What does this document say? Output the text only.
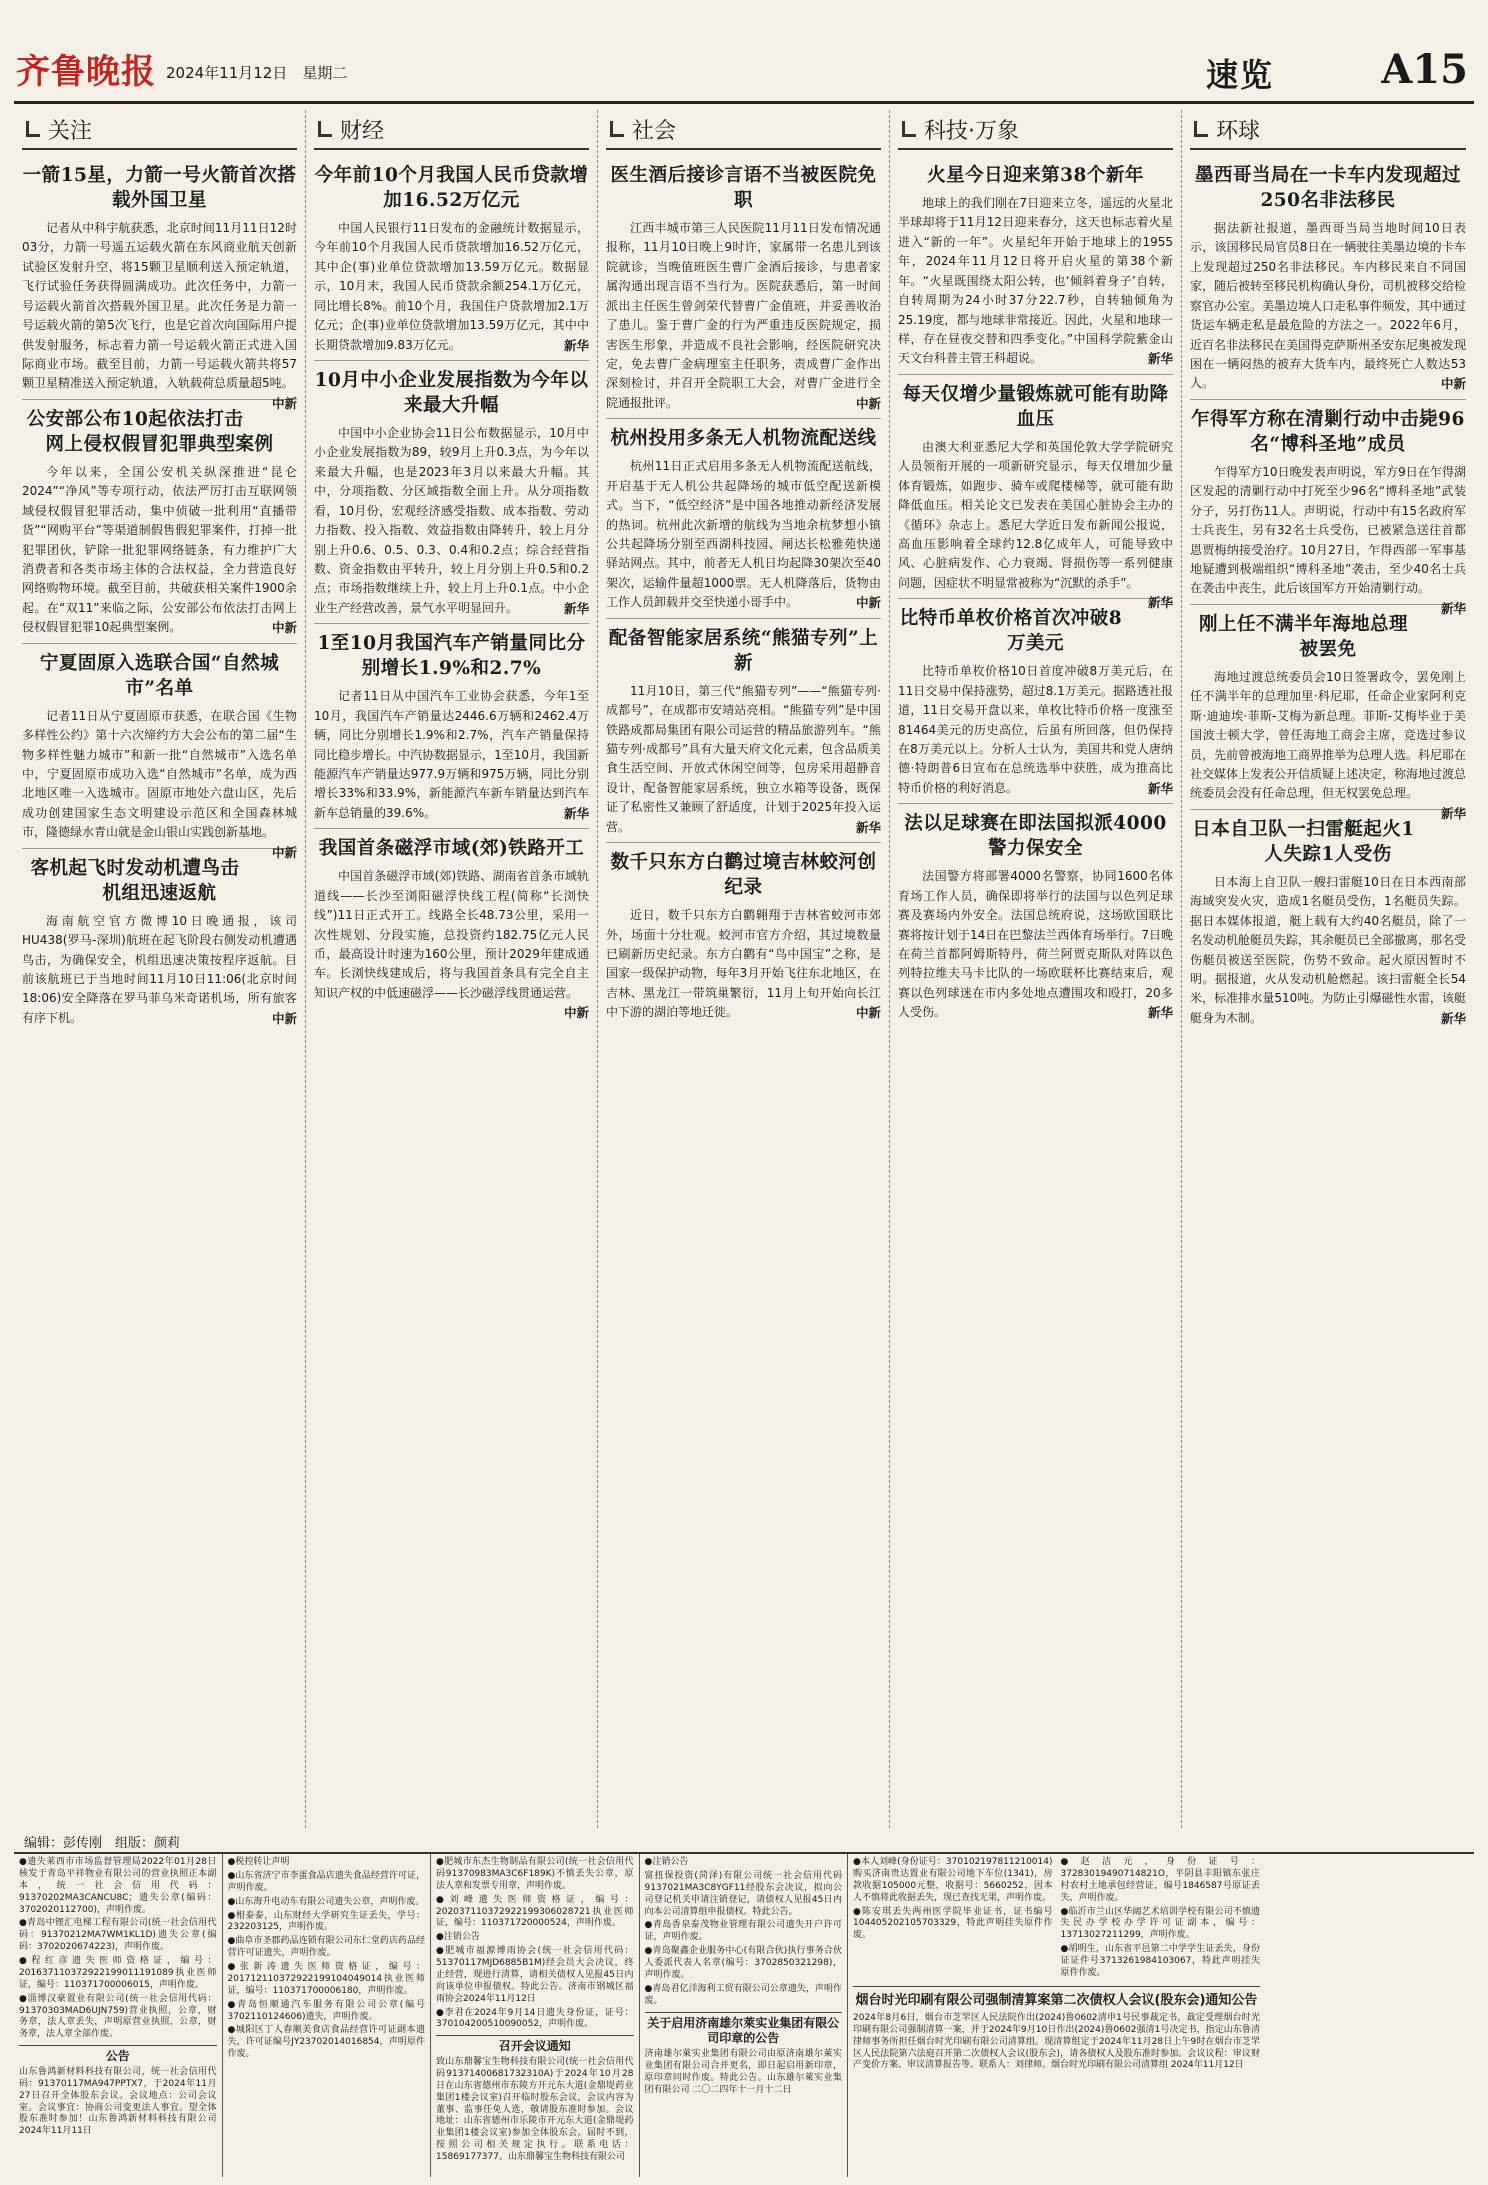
齐鲁晚报 2024年11月12日　 星期二	速览	A15
关注
一箭15星，力箭一号火箭首次搭载外国卫星

记者从中科宇航获悉，北京时间11月11日12时03分，力箭一号遥五运载火箭在东风商业航天创新试验区发射升空，将15颗卫星顺利送入预定轨道，飞行试验任务获得圆满成功。此次任务中，力箭一号运载火箭首次搭载外国卫星。此次任务是力箭一号运载火箭的第5次飞行，也是它首次向国际用户提供发射服务，标志着力箭一号运载火箭正式进入国际商业市场。截至目前，力箭一号运载火箭共将57颗卫星精准送入预定轨道，入轨载荷总质量超5吨。
中新

公安部公布10起依法打击网上侵权假冒犯罪典型案例

今年以来，全国公安机关纵深推进“昆仑2024”“净风”等专项行动，依法严厉打击互联网领域侵权假冒犯罪活动，集中侦破一批利用“直播带货”“网购平台”等渠道制假售假犯罪案件，打掉一批犯罪团伙，铲除一批犯罪网络链条，有力维护广大消费者和各类市场主体的合法权益，全力营造良好网络购物环境。截至目前，共破获相关案件1900余起。在“双11”来临之际，公安部公布依法打击网上侵权假冒犯罪10起典型案例。	中新

宁夏固原入选联合国“自然城市”名单

记者11日从宁夏固原市获悉，在联合国《生物多样性公约》第十六次缔约方大会公布的第二届“生物多样性魅力城市”和新一批“自然城市”入选名单中，宁夏固原市成功入选“自然城市”名单，成为西北地区唯一入选城市。固原市地处六盘山区，先后成功创建国家生态文明建设示范区和全国森林城市，隆德绿水青山就是金山银山实践创新基地。
中新

客机起飞时发动机遭鸟击机组迅速返航

海南航空官方微博10日晚通报，该司HU438(罗马-深圳)航班在起飞阶段右侧发动机遭遇鸟击，为确保安全，机组迅速决策按程序返航。目前该航班已于当地时间11月10日11:06(北京时间18:06)安全降落在罗马菲乌米奇诺机场，所有旅客有序下机。	中新

财经
今年前10个月我国人民币贷款增加16.52万亿元

中国人民银行11日发布的金融统计数据显示，今年前10个月我国人民币贷款增加16.52万亿元，其中企(事)业单位贷款增加13.59万亿元。数据显示，10月末，我国人民币贷款余额254.1万亿元，同比增长8%。前10个月，我国住户贷款增加2.1万亿元；企(事)业单位贷款增加13.59万亿元，其中中长期贷款增加9.83万亿元。	新华

10月中小企业发展指数为今年以来最大升幅

中国中小企业协会11日公布数据显示，10月中小企业发展指数为89，较9月上升0.3点，为今年以来最大升幅，也是2023年3月以来最大升幅。其中，分项指数、分区域指数全面上升。从分项指数看，10月份，宏观经济感受指数、成本指数、劳动力指数、投入指数、效益指数由降转升，较上月分别上升0.6、0.5、0.3、0.4和0.2点；综合经营指数、资金指数由平转升，较上月分别上升0.5和0.2点；市场指数继续上升，较上月上升0.1点。中小企业生产经营改善，景气水平明显回升。	新华

1至10月我国汽车产销量同比分别增长1.9%和2.7%

记者11日从中国汽车工业协会获悉，今年1至10月，我国汽车产销量达2446.6万辆和2462.4万辆，同比分别增长1.9%和2.7%，汽车产销量保持同比稳步增长。中汽协数据显示，1至10月，我国新能源汽车产销量达977.9万辆和975万辆，同比分别增长33%和33.9%，新能源汽车新车销量达到汽车新车总销量的39.6%。	新华

我国首条磁浮市域(郊)铁路开工

中国首条磁浮市域(郊)铁路、湖南省首条市域轨道线——长沙至浏阳磁浮快线工程(简称“长浏快线”)11日正式开工。线路全长48.73公里，采用一次性规划、分段实施，总投资约182.75亿元人民币，最高设计时速为160公里，预计2029年建成通车。长浏快线建成后，将与我国首条具有完全自主知识产权的中低速磁浮——长沙磁浮线贯通运营。
中新

社会
医生酒后接诊言语不当被医院免职

江西丰城市第三人民医院11月11日发布情况通报称，11月10日晚上9时许，家属带一名患儿到该院就诊，当晚值班医生曹广金酒后接诊，与患者家属沟通出现言语不当行为。医院获悉后，第一时间派出主任医生曾剑荣代替曹广金值班，并妥善收治了患儿。鉴于曹广金的行为严重违反医院规定，损害医生形象，并造成不良社会影响，经医院研究决定，免去曹广金病理室主任职务，责成曹广金作出深刻检讨，并召开全院职工大会，对曹广金进行全院通报批评。	中新

杭州投用多条无人机物流配送线

杭州11日正式启用多条无人机物流配送航线，开启基于无人机公共起降场的城市低空配送新模式。当下，“低空经济”是中国各地推动新经济发展的热词。杭州此次新增的航线为当地余杭梦想小镇公共起降场分别至西湖科技园、闸达长松雅苑快递驿站网点。其中，前者无人机日均起降30架次至40架次，运输件量超1000票。无人机降落后，货物由工作人员卸载并交至快递小哥手中。	中新

配备智能家居系统“熊猫专列”上新

11月10日，第三代“熊猫专列”——“熊猫专列·成都号”，在成都市安靖站亮相。“熊猫专列”是中国铁路成都局集团有限公司运营的精品旅游列车。“熊猫专列·成都号”具有大量天府文化元素，包含品质美食生活空间、开放式休闲空间等，包房采用超静音设计，配备智能家居系统，独立水箱等设备，既保证了私密性又兼顾了舒适度，计划于2025年投入运营。	新华

数千只东方白鹳过境吉林蛟河创纪录

近日，数千只东方白鹳翱翔于吉林省蛟河市郊外，场面十分壮观。蛟河市官方介绍，其过境数量已刷新历史纪录。东方白鹳有“鸟中国宝”之称，是国家一级保护动物，每年3月开始飞往东北地区，在吉林、黑龙江一带筑巢繁衍，11月上旬开始向长江中下游的湖泊等地迁徙。	中新

科技·万象
火星今日迎来第38个新年

地球上的我们刚在7日迎来立冬，遥远的火星北半球却将于11月12日迎来春分，这天也标志着火星进入“新的一年”。火星纪年开始于地球上的1955年，2024年11月12日将开启火星的第38个新年。“火星既围绕太阳公转，也‘倾斜着身子’自转，自转周期为24小时37分22.7秒，自转轴倾角为25.19度，都与地球非常接近。因此，火星和地球一样，存在昼夜交替和四季变化。”中国科学院紫金山天文台科普主管王科超说。	新华

每天仅增少量锻炼就可能有助降血压

由澳大利亚悉尼大学和英国伦敦大学学院研究人员领衔开展的一项新研究显示，每天仅增加少量体育锻炼，如跑步、骑车或爬楼梯等，就可能有助降低血压。相关论文已发表在美国心脏协会主办的《循环》杂志上。悉尼大学近日发布新闻公报说，高血压影响着全球约12.8亿成年人，可能导致中风、心脏病发作、心力衰竭、肾损伤等一系列健康问题，因症状不明显常被称为“沉默的杀手”。
新华

比特币单枚价格首次冲破8万美元

比特币单枚价格10日首度冲破8万美元后，在11日交易中保持涨势，超过8.1万美元。据路透社报道，11日交易开盘以来，单枚比特币价格一度涨至81464美元的历史高位，后虽有所回落，但仍保持在8万美元以上。分析人士认为，美国共和党人唐纳德·特朗普6日宣布在总统选举中获胜，成为推高比特币价格的利好消息。	新华

法以足球赛在即法国拟派4000警力保安全

法国警方将部署4000名警察，协同1600名体育场工作人员，确保即将举行的法国与以色列足球赛及赛场内外安全。法国总统府说，这场欧国联比赛将按计划于14日在巴黎法兰西体育场举行。7日晚在荷兰首都阿姆斯特丹，荷兰阿贾克斯队对阵以色列特拉维夫马卡比队的一场欧联杯比赛结束后，观赛以色列球迷在市内多处地点遭围攻和殴打，20多人受伤。	新华

环球
墨西哥当局在一卡车内发现超过250名非法移民

据法新社报道，墨西哥当局当地时间10日表示，该国移民局官员8日在一辆驶往美墨边境的卡车上发现超过250名非法移民。车内移民来自不同国家，随后被转至移民机构确认身份，司机被移交给检察官办公室。美墨边境人口走私事件频发，其中通过货运车辆走私是最危险的方法之一。2022年6月，近百名非法移民在美国得克萨斯州圣安东尼奥被发现困在一辆闷热的被弃大货车内，最终死亡人数达53人。	中新

乍得军方称在清剿行动中击毙96名“博科圣地”成员

乍得军方10日晚发表声明说，军方9日在乍得湖区发起的清剿行动中打死至少96名“博科圣地”武装分子，另打伤11人。声明说，行动中有15名政府军士兵丧生，另有32名士兵受伤，已被紧急送往首都恩贾梅纳接受治疗。10月27日，乍得西部一军事基地疑遭到极端组织“博科圣地”袭击，至少40名士兵在袭击中丧生，此后该国军方开始清剿行动。
新华

刚上任不满半年海地总理被罢免

海地过渡总统委员会10日签署政令，罢免刚上任不满半年的总理加里·科尼耶，任命企业家阿利克斯·迪迪埃·菲斯-艾梅为新总理。菲斯-艾梅毕业于美国波士顿大学，曾任海地工商会主席，竞选过参议员，先前曾被海地工商界推举为总理人选。科尼耶在社交媒体上发表公开信质疑上述决定，称海地过渡总统委员会没有任命总理，但无权罢免总理。
新华

日本自卫队一扫雷艇起火1人失踪1人受伤

日本海上自卫队一艘扫雷艇10日在日本西南部海域突发火灾，造成1名艇员受伤，1名艇员失踪。据日本媒体报道，艇上载有大约40名艇员，除了一名发动机舱艇员失踪，其余艇员已全部撤离，那名受伤艇员被送至医院，伤势不致命。起火原因暂时不明。据报道，火从发动机舱燃起。该扫雷艇全长54米，标准排水量510吨。为防止引爆磁性水雷，该艇艇身为木制。	新华

编辑：彭传刚　组版：颜莉

●遗失莱西市市场监督管理局2022年01月28日核发于青岛平祥物业有限公司的营业执照正本副本，统一社会信用代码：91370202MA3CANCU8C；遗失公章(编码：3702020112700)，声明作废。

●青岛中锂汇电梯工程有限公司(统一社会信用代码：91370212MA7WM1KL1D)遗失公章(编码：3702020674223)，声明作废。

●程红彦遗失医师资格证，编号：201637110372922199011191089执业医师证，编号：110371700006015，声明作废。

●淄博汉豪置业有限公司(统一社会信用代码：91370303MAD6UJN759)营业执照，公章，财务章，法人章丢失，声明原营业执照，公章，财务章，法人章全部作废。

公告

山东鲁鸿新材料科技有限公司，统一社会信用代码：91370117MA947PPTX7，于2024年11月27日召开全体股东会议。会议地点：公司会议室。会议事宜：协商公司变更法人事宜。望全体股东准时参加！山东鲁鸿新材料科技有限公司 2024年11月11日

●税控转让声明

●山东省济宁市李蛋食品店遗失食品经营许可证，声明作废。

●山东海升电动车有限公司遗失公章，声明作废。

●相泰泰，山东财经大学研究生证丢失，学号：232203125，声明作废。

●曲阜市圣郡药品连锁有限公司东仁堂药店药品经营许可证遗失，声明作废。

●张新涛遗失医师资格证，编号：201712110372922199104049014执业医师证，编号：110371700006180，声明作废。

●青岛恒顺通汽车服务有限公司公章(编号3702110124606)遗失，声明作废。

●城阳区丁人春顺美食店食品经营许可证副本遗失，许可证编号JY23702014016854，声明原件作废。

●肥城市东杰生物制品有限公司(统一社会信用代码91370983MA3C6F189K)不慎丢失公章，原法人章和发票专用章，声明作废。

●刘峰遗失医师资格证，编号：202037110372922199306028721执业医师证，编号：110371720000524，声明作废。

●注销公告

●肥城市福源博雨协会(统一社会信用代码：51370117MJD6885B1M)经会员大会决议，终止经营，现进行清算，请相关债权人见报45日内向该单位申报债权。特此公告。济南市钢城区福雨协会2024年11月12日

●李君在2024年9月14日遗失身份证，证号：370104200510090052，声明作废。

召开会议通知

致山东鼎馨宝生物科技有限公司(统一社会信用代码91371400681732310A)于2024年10月28日在山东省德州市东陵方开元东大道(金鼎堤药业集团1楼会议室)召开临时股东会议，会议内容为董事、监事任免人选，敬请股东准时参加。会议地址：山东省德州市乐陵市开元东大道(金鼎堤药业集团1楼会议室)参加全体股东会。届时不到，按照公司相关规定执行。联系电话：15869177377。山东鼎馨宝生物科技有限公司

●注销公告

富扭保投资(菏泽)有限公司统一社会信用代码9137021MA3C8YGF11经股东会决议，拟向公司登记机关申请注销登记，请债权人见报45日内向本公司清算组申报债权。特此公告。

●青岛香泉泰茂物业管理有限公司遗失开户许可证，声明作废。

●青岛聚鑫企业服务中心(有限合伙)执行事务合伙人委派代表人名章(编号：3702850321298)，声明作废。

●青岛君亿洋海利工贸有限公司公章遗失，声明作废。

关于启用济南雄尔萊实业集团有限公司印章的公告

济南雄尔萊实业集团有限公司由原济南雄尔萊实业集团有限公司合并更名，即日起启用新印章，原印章同时作废。特此公告。山东雄尔萊实业集团有限公司 二〇二四年十一月十二日

●本人刘峰(身份证号：370102197811210014)购买济南贵达置业有限公司地下车位(1341)，房款收据105000元整，收据号：5660252，因本人不慎将此收据丢失，现已查找无果，声明作废。

●陈安琪丢失两州医学院毕业证书，证书编号104405202105703329，特此声明挂失原件作废。

●赵洁元，身份证号：37283019490714821O，平阴县丰阳镇东张庄村农村土地承包经营证，编号1846587号原证丢失，声明作废。

●临沂市兰山区华阔艺术培训学校有限公司不慎遗失民办学校办学许可证副本，编号：13713027211299，声明作废。

●胡明生，山东省平邑第二中学学生证丢失，身份证证件号3713261984103067，特此声明挂失原件作废。

烟台时光印刷有限公司强制清算案第二次债权人会议(股东会)通知公告

2024年8月6日，烟台市芝罘区人民法院作出(2024)鲁0602清申1号民事裁定书，裁定受理烟台时光印刷有限公司强制清算一案，并于2024年9月10日作出(2024)鲁0602强清1号决定书，指定山东鲁清律师事务所担任烟台时光印刷有限公司清算组。现清算组定于2024年11月28日上午9时在烟台市芝罘区人民法院第六法庭召开第二次债权人会议(股东会)，请各债权人及股东准时参加。会议议程：审议财产变价方案、审议清算报告等。联系人：刘律师。烟台时光印刷有限公司清算组 2024年11月12日
